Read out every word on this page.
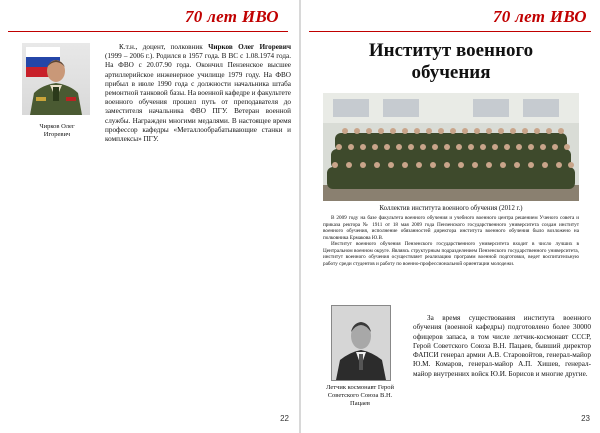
70 лет ИВО
Чирков Олег Игоревич
К.т.н., доцент, полковник Чирков Олег Игоревич (1999 – 2006 г.). Родился в 1957 года. В ВС с 1.08.1974 года. На ФВО с 20.07.90 года. Окончил Пензенское высшее артиллерийское инженерное училище 1979 году. На ФВО прибыл в июле 1990 года с должности начальника штаба ремонтной танковой базы. На военной кафедре и факультете военного обучения прошел путь от преподавателя до заместителя начальника ФВО ПГУ. Ветеран военной службы. Награжден многими медалями. В настоящее время профессор кафедры «Металлообрабатывающие станки и комплексы» ПГУ.
22
70 лет ИВО
Институт военного обучения
Коллектив института военного обучения (2012 г.)

В 2009 году на базе факультета военного обучения и учебного военного центра решением Ученого совета и приказа ректора № 1911 от 18 мая 2009 года Пензенского государственного университета создан институт военного обучения, исполнение обязанностей директора института военного обучения было возложено на полковника Ермакова Ю.В.

Институт военного обучения Пензенского государственного университета входит в число лучших в Центральном военном округе. Являясь структурным подразделением Пензенского государственного университета, институт военного обучения осуществляет реализацию программ военной подготовки, ведет воспитательную работу среди студентов и работу по военно-профессиональной ориентации молодежи.

Летчик космонавт Герой Советского Союза В.Н. Пацаев

За время существования института военного обучения (военной кафедры) подготовлено более 30000 офицеров запаса, в том числе летчик-космонавт СССР, Герой Советского Союза В.Н. Пацаев, бывший директор ФАПСИ генерал армии А.В. Старовойтов, генерал-майор Ю.М. Комаров, генерал-майор А.П. Хишев, генерал-майор внутренних войск Ю.И. Борисов и многие другие.

23
